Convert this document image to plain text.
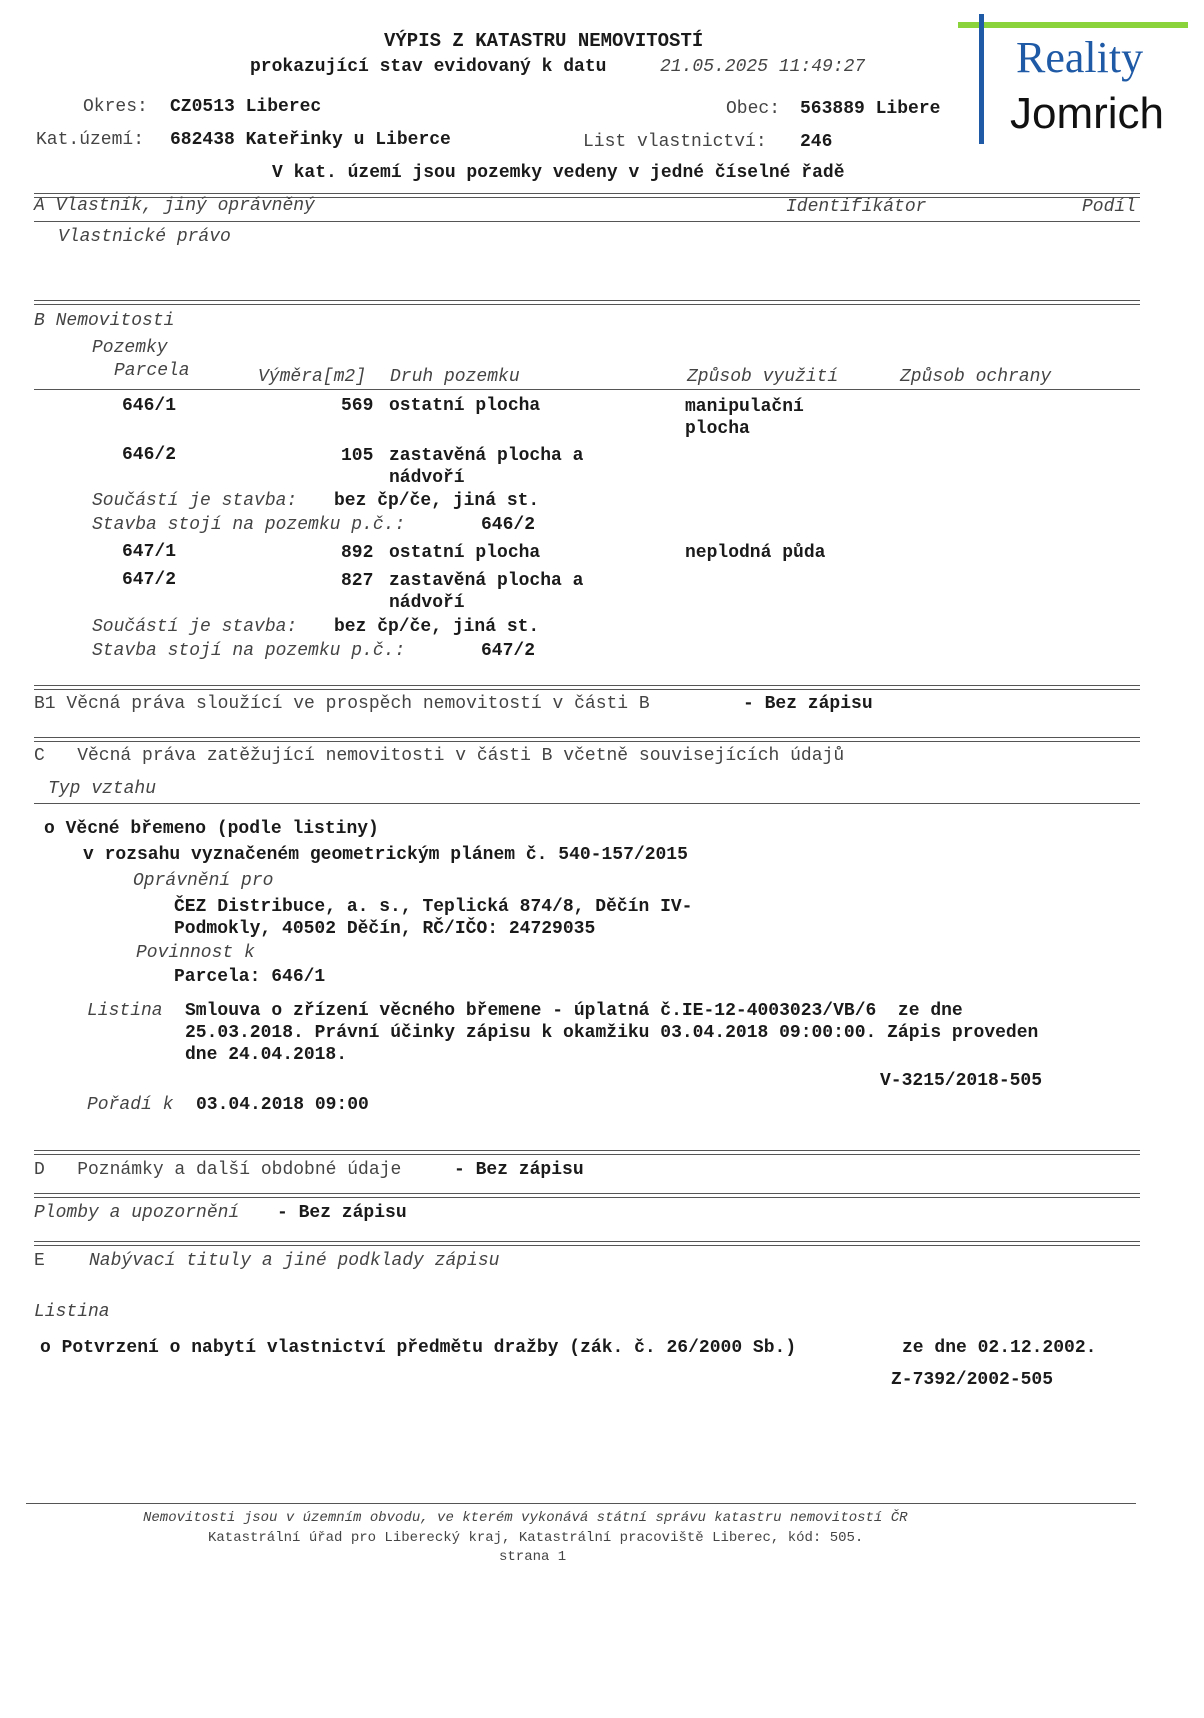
Reality
Jomrich
VÝPIS Z KATASTRU NEMOVITOSTÍ
prokazující stav evidovaný k datu	21.05.2025 11:49:27
Okres: CZ0513 Liberec	Obec: 563889 Libere
Kat.území: 682438 Kateřinky u Liberce	List vlastnictví: 246
V kat. území jsou pozemky vedeny v jedné číselné řadě
A Vlastník, jiný oprávněný	Identifikátor	Podíl
Vlastnické právo
B Nemovitosti
Pozemky
Parcela	Výměra[m2] Druh pozemku	Způsob využití	Způsob ochrany
646/1	569 ostatní plocha	manipulační
plocha
646/2	105 zastavěná plocha a
nádvoří
Součástí je stavba: bez čp/če, jiná st.
Stavba stojí na pozemku p.č.:	646/2
647/1	892 ostatní plocha	neplodná půda
647/2	827 zastavěná plocha a
nádvoří
Součástí je stavba: bez čp/če, jiná st.
Stavba stojí na pozemku p.č.:	647/2
B1 Věcná práva sloužící ve prospěch nemovitostí v části B	- Bez zápisu
C   Věcná práva zatěžující nemovitosti v části B včetně souvisejících údajů
Typ vztahu
o Věcné břemeno (podle listiny)
v rozsahu vyznačeném geometrickým plánem č. 540-157/2015
Oprávnění pro
ČEZ Distribuce, a. s., Teplická 874/8, Děčín IV-
Podmokly, 40502 Děčín, RČ/IČO: 24729035
Povinnost k
Parcela: 646/1
Listina Smlouva o zřízení věcného břemene - úplatná č.IE-12-4003023/VB/6  ze dne
25.03.2018. Právní účinky zápisu k okamžiku 03.04.2018 09:00:00. Zápis proveden
dne 24.04.2018.
V-3215/2018-505
Pořadí k 03.04.2018 09:00
D   Poznámky a další obdobné údaje	- Bez zápisu
Plomby a upozornění - Bez zápisu
E Nabývací tituly a jiné podklady zápisu
Listina
o Potvrzení o nabytí vlastnictví předmětu dražby (zák. č. 26/2000 Sb.)	ze dne 02.12.2002.
Z-7392/2002-505
Nemovitosti jsou v územním obvodu, ve kterém vykonává státní správu katastru nemovitostí ČR
Katastrální úřad pro Liberecký kraj, Katastrální pracoviště Liberec, kód: 505.
strana 1
